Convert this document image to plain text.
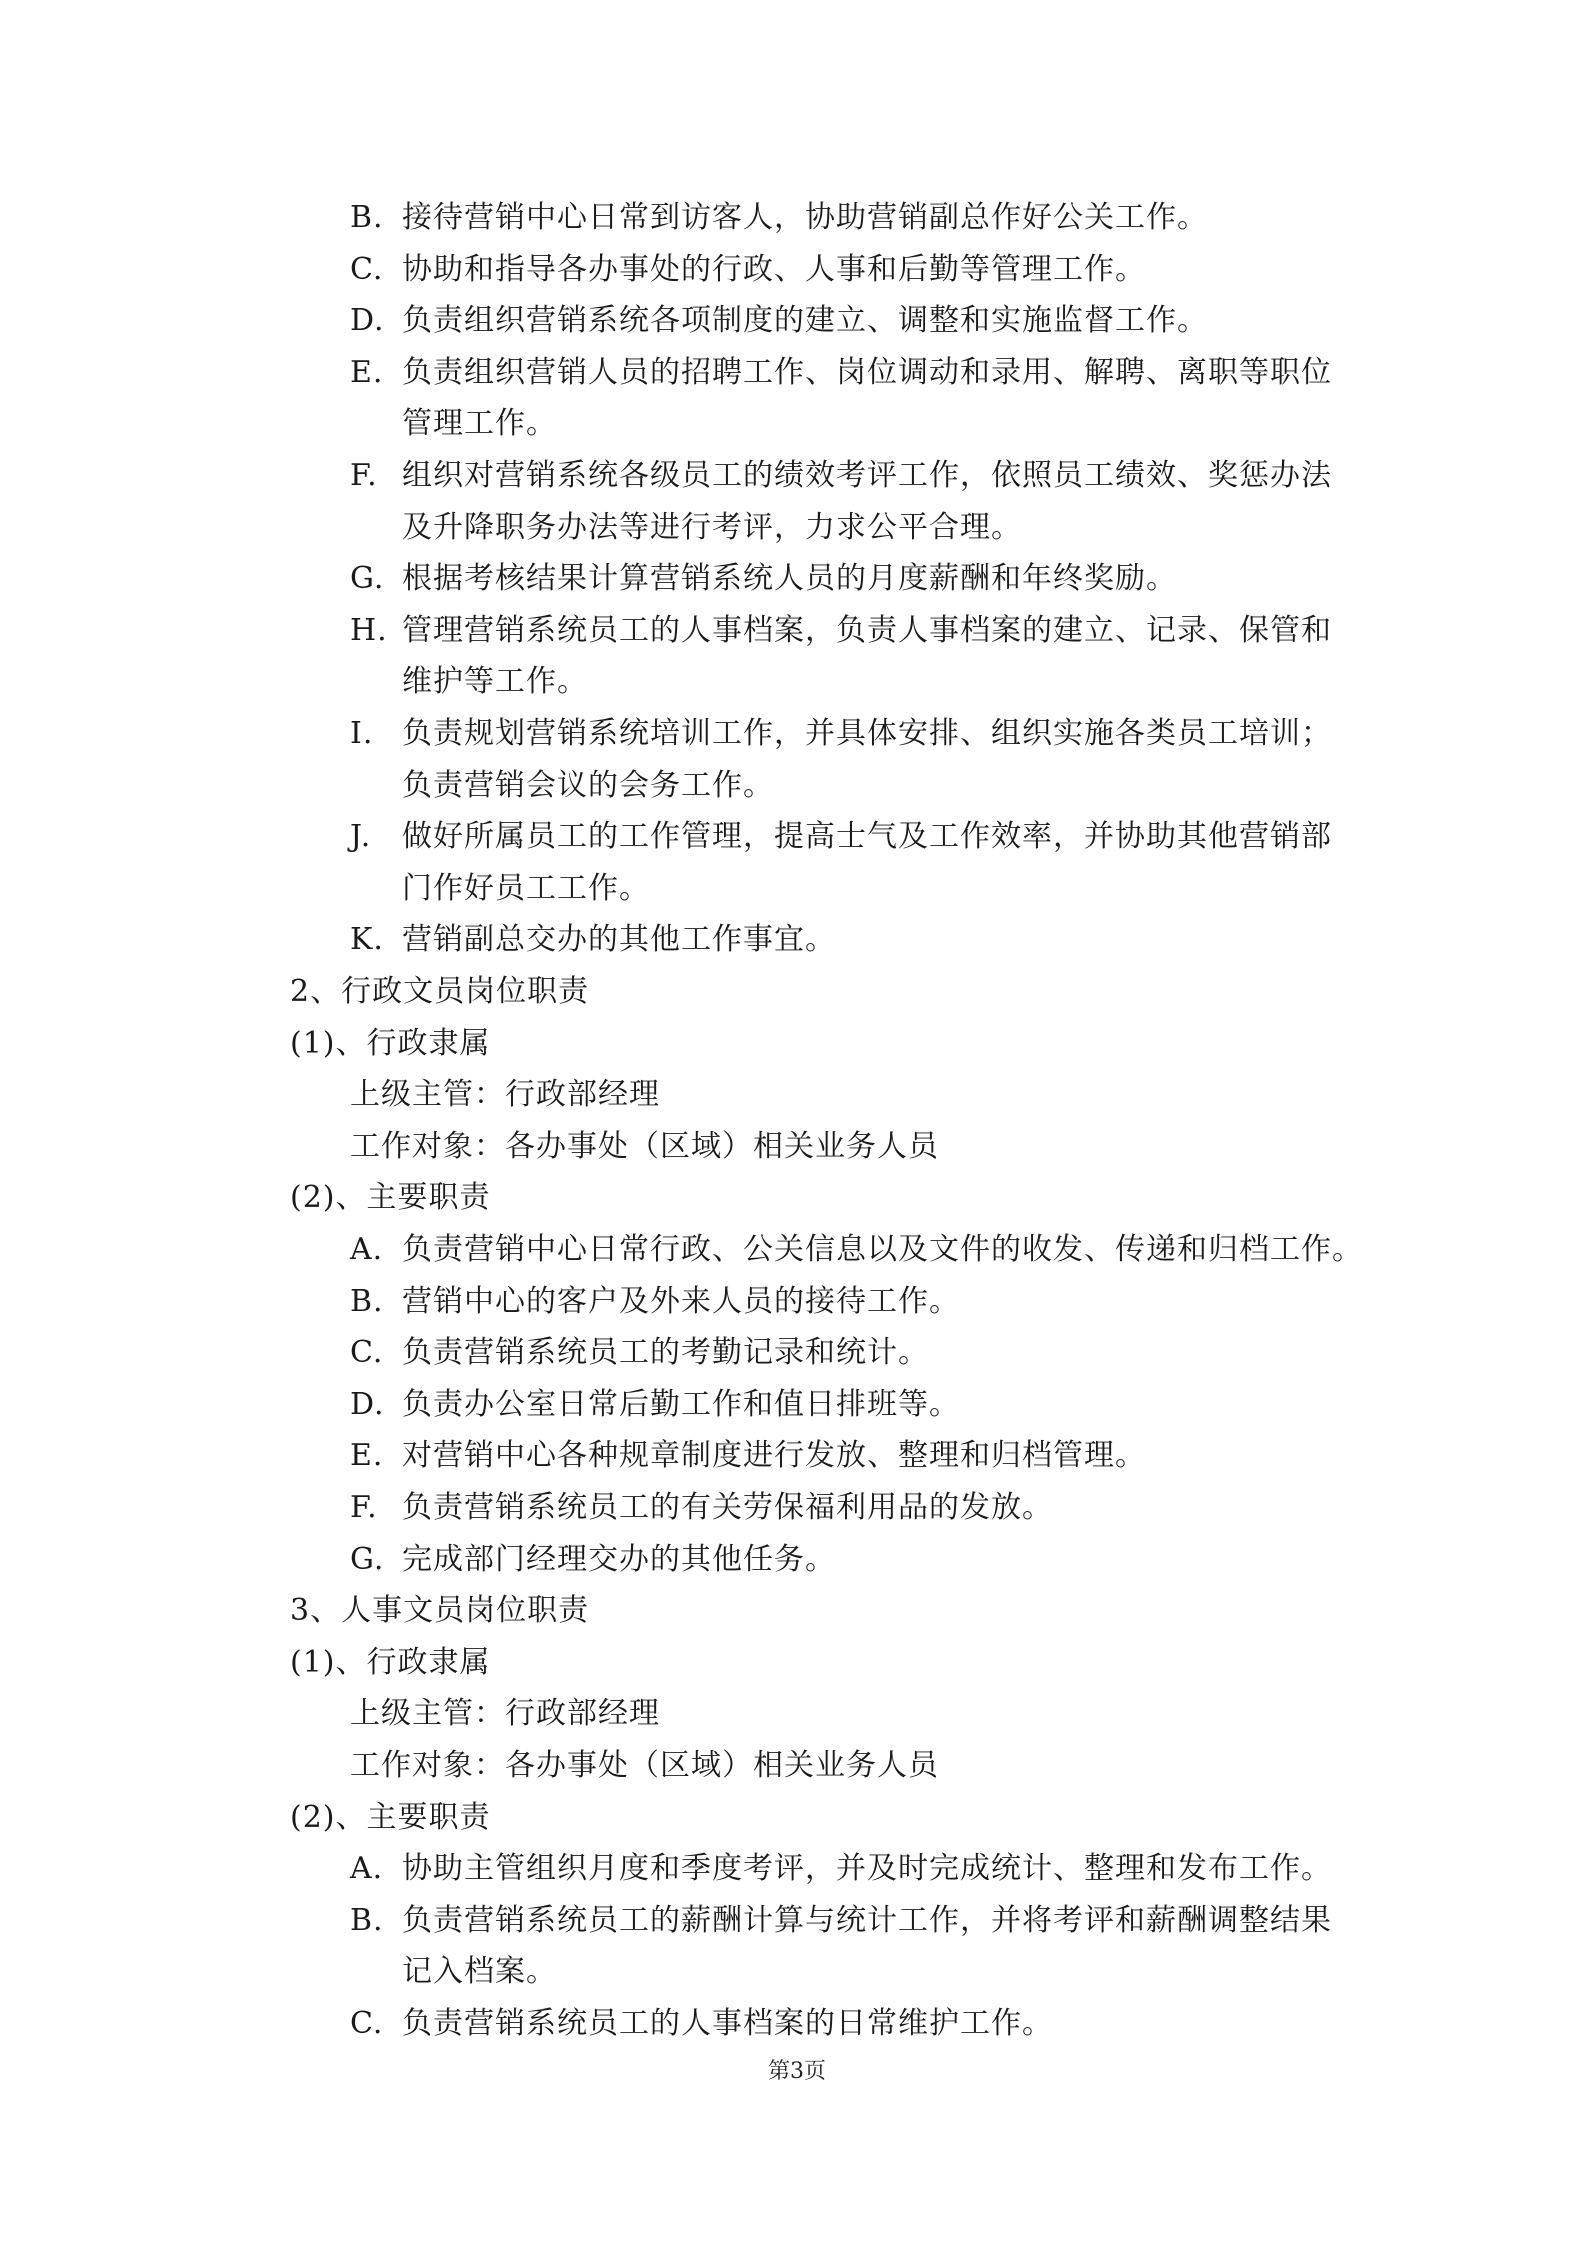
B. 接待营销中心日常到访客人，协助营销副总作好公关工作。
C. 协助和指导各办事处的行政、人事和后勤等管理工作。
D. 负责组织营销系统各项制度的建立、调整和实施监督工作。
E. 负责组织营销人员的招聘工作、岗位调动和录用、解聘、离职等职位
管理工作。
F. 组织对营销系统各级员工的绩效考评工作，依照员工绩效、奖惩办法
及升降职务办法等进行考评，力求公平合理。
G. 根据考核结果计算营销系统人员的月度薪酬和年终奖励。
H. 管理营销系统员工的人事档案，负责人事档案的建立、记录、保管和
维护等工作。
I. 负责规划营销系统培训工作，并具体安排、组织实施各类员工培训；
负责营销会议的会务工作。
J. 做好所属员工的工作管理，提高士气及工作效率，并协助其他营销部
门作好员工工作。
K. 营销副总交办的其他工作事宜。
2、行政文员岗位职责
(1)、行政隶属
上级主管：行政部经理
工作对象：各办事处（区域）相关业务人员
(2)、主要职责
A. 负责营销中心日常行政、公关信息以及文件的收发、传递和归档工作。
B. 营销中心的客户及外来人员的接待工作。
C. 负责营销系统员工的考勤记录和统计。
D. 负责办公室日常后勤工作和值日排班等。
E. 对营销中心各种规章制度进行发放、整理和归档管理。
F. 负责营销系统员工的有关劳保福利用品的发放。
G. 完成部门经理交办的其他任务。
3、人事文员岗位职责
(1)、行政隶属
上级主管：行政部经理
工作对象：各办事处（区域）相关业务人员
(2)、主要职责
A. 协助主管组织月度和季度考评，并及时完成统计、整理和发布工作。
B. 负责营销系统员工的薪酬计算与统计工作，并将考评和薪酬调整结果
记入档案。
C. 负责营销系统员工的人事档案的日常维护工作。
第3页
